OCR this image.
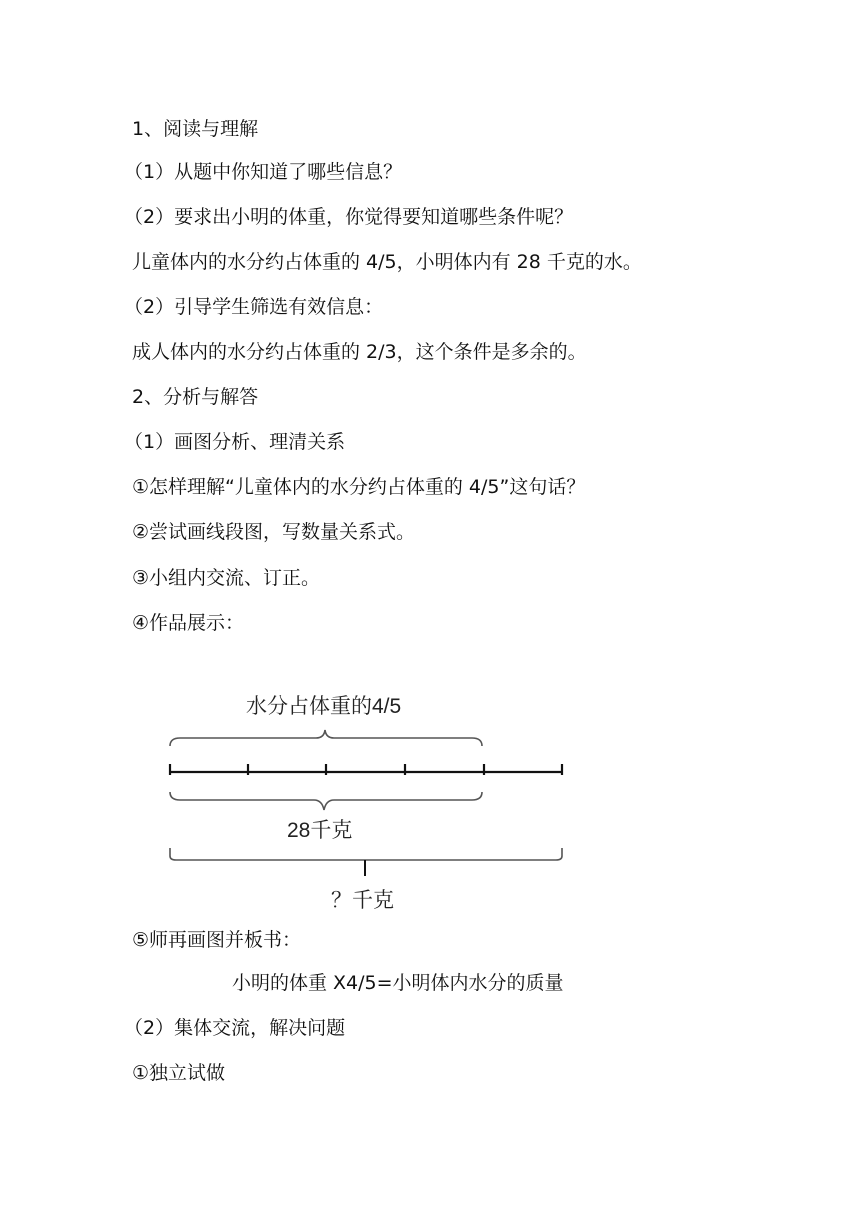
1、阅读与理解
（1）从题中你知道了哪些信息？
（2）要求出小明的体重，你觉得要知道哪些条件呢？
儿童体内的水分约占体重的 4/5，小明体内有 28 千克的水。
（2）引导学生筛选有效信息：
成人体内的水分约占体重的 2/3，这个条件是多余的。
2、分析与解答
（1）画图分析、理清关系
①怎样理解“儿童体内的水分约占体重的 4/5”这句话？
②尝试画线段图，写数量关系式。
③小组内交流、订正。
④作品展示：
水分占体重的4/5
28千克
？千克
⑤师再画图并板书：
小明的体重 X4/5=小明体内水分的质量
（2）集体交流，解决问题
①独立试做
